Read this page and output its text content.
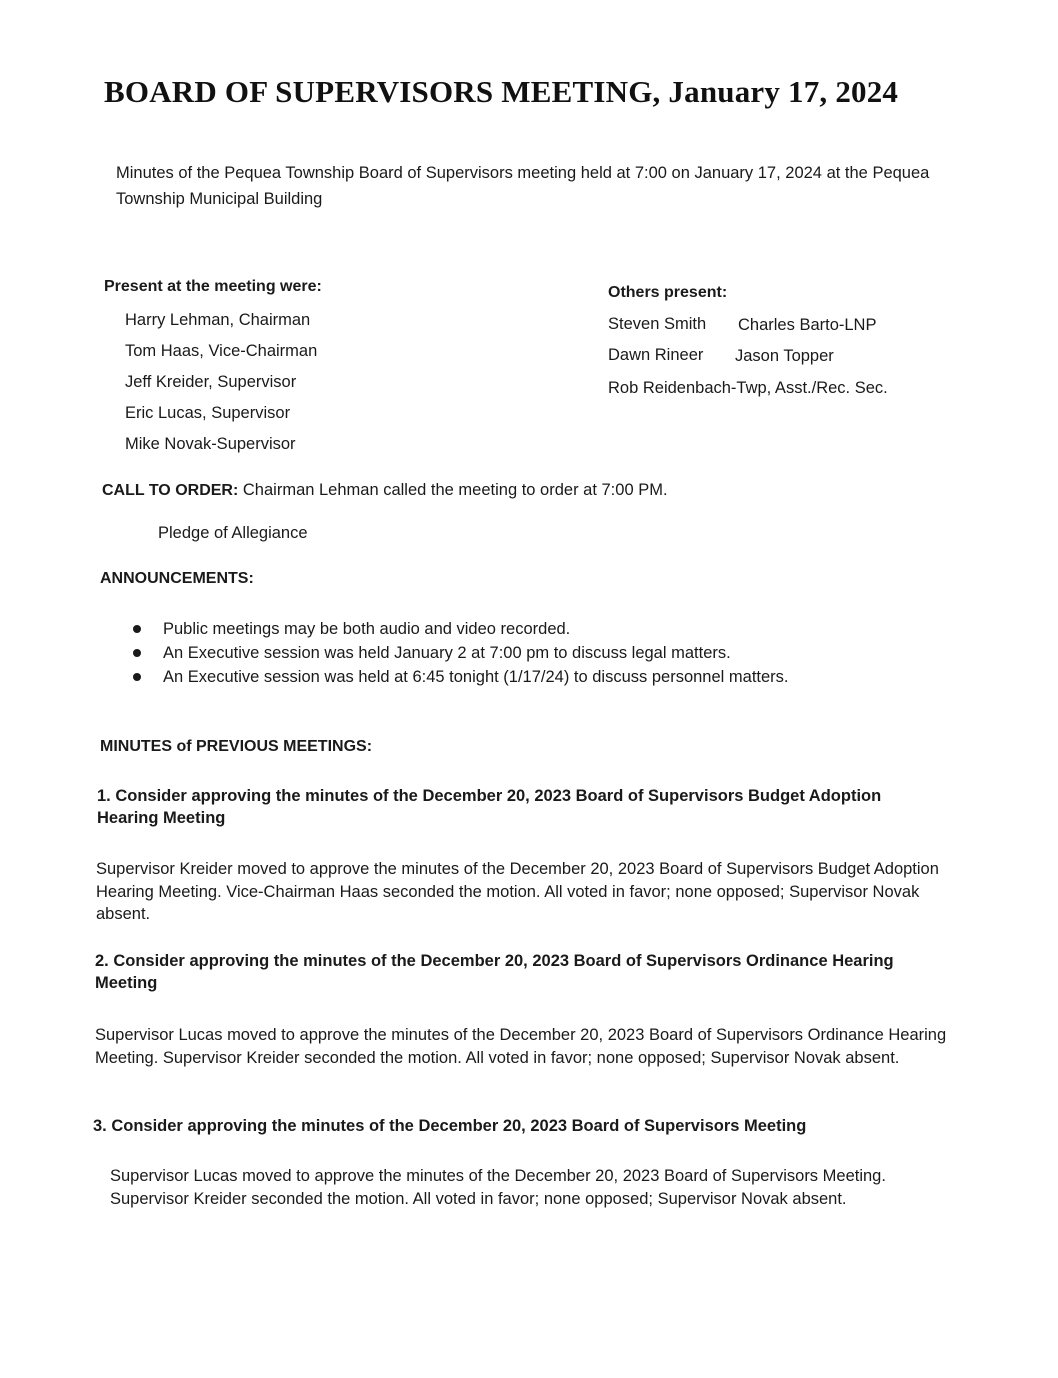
BOARD OF SUPERVISORS MEETING, January 17, 2024
Minutes of the Pequea Township Board of Supervisors meeting held at 7:00 on January 17, 2024 at the Pequea Township Municipal Building
Present at the meeting were:
Harry Lehman, Chairman
Tom Haas, Vice-Chairman
Jeff Kreider, Supervisor
Eric Lucas, Supervisor
Mike Novak-Supervisor
Others present:
Steven Smith Charles Barto-LNP
Dawn Rineer Jason Topper
Rob Reidenbach-Twp, Asst./Rec. Sec.
CALL TO ORDER: Chairman Lehman called the meeting to order at 7:00 PM.
Pledge of Allegiance
ANNOUNCEMENTS:
Public meetings may be both audio and video recorded.
An Executive session was held January 2 at 7:00 pm to discuss legal matters.
An Executive session was held at 6:45 tonight (1/17/24) to discuss personnel matters.
MINUTES of PREVIOUS MEETINGS:
1. Consider approving the minutes of the December 20, 2023 Board of Supervisors Budget Adoption Hearing Meeting
Supervisor Kreider moved to approve the minutes of the December 20, 2023 Board of Supervisors Budget Adoption Hearing Meeting. Vice-Chairman Haas seconded the motion. All voted in favor; none opposed; Supervisor Novak absent.
2. Consider approving the minutes of the December 20, 2023 Board of Supervisors Ordinance Hearing Meeting
Supervisor Lucas moved to approve the minutes of the December 20, 2023 Board of Supervisors Ordinance Hearing Meeting. Supervisor Kreider seconded the motion. All voted in favor; none opposed; Supervisor Novak absent.
3. Consider approving the minutes of the December 20, 2023 Board of Supervisors Meeting
Supervisor Lucas moved to approve the minutes of the December 20, 2023 Board of Supervisors Meeting. Supervisor Kreider seconded the motion. All voted in favor; none opposed; Supervisor Novak absent.
